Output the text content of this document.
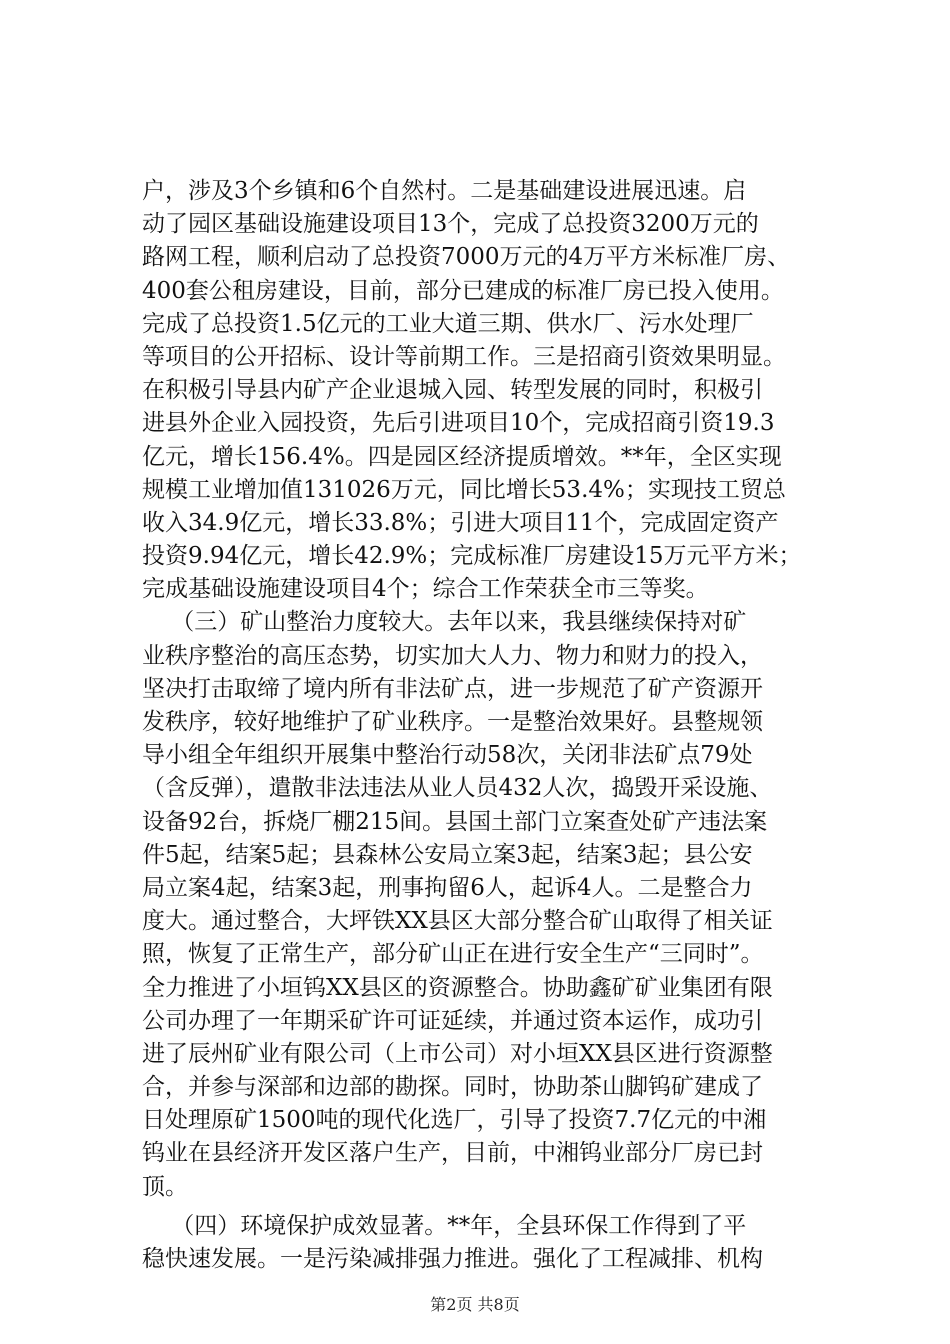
户，涉及3个乡镇和6个自然村。二是基础建设进展迅速。启
动了园区基础设施建设项目13个，完成了总投资3200万元的
路网工程，顺利启动了总投资7000万元的4万平方米标准厂房、
400套公租房建设，目前，部分已建成的标准厂房已投入使用。
完成了总投资1.5亿元的工业大道三期、供水厂、污水处理厂
等项目的公开招标、设计等前期工作。三是招商引资效果明显。
在积极引导县内矿产企业退城入园、转型发展的同时，积极引
进县外企业入园投资，先后引进项目10个，完成招商引资19.3
亿元，增长156.4%。四是园区经济提质增效。**年，全区实现
规模工业增加值131026万元，同比增长53.4%；实现技工贸总
收入34.9亿元，增长33.8%；引进大项目11个，完成固定资产
投资9.94亿元，增长42.9%；完成标准厂房建设15万元平方米；
完成基础设施建设项目4个；综合工作荣获全市三等奖。
（三）矿山整治力度较大。去年以来，我县继续保持对矿
业秩序整治的高压态势，切实加大人力、物力和财力的投入，
坚决打击取缔了境内所有非法矿点，进一步规范了矿产资源开
发秩序，较好地维护了矿业秩序。一是整治效果好。县整规领
导小组全年组织开展集中整治行动58次，关闭非法矿点79处
（含反弹），遣散非法违法从业人员432人次，捣毁开采设施、
设备92台，拆烧厂棚215间。县国土部门立案查处矿产违法案
件5起，结案5起；县森林公安局立案3起，结案3起；县公安
局立案4起，结案3起，刑事拘留6人，起诉4人。二是整合力
度大。通过整合，大坪铁XX县区大部分整合矿山取得了相关证
照，恢复了正常生产，部分矿山正在进行安全生产“三同时”。
全力推进了小垣钨XX县区的资源整合。协助鑫矿矿业集团有限
公司办理了一年期采矿许可证延续，并通过资本运作，成功引
进了辰州矿业有限公司（上市公司）对小垣XX县区进行资源整
合，并参与深部和边部的勘探。同时，协助茶山脚钨矿建成了
日处理原矿1500吨的现代化选厂，引导了投资7.7亿元的中湘
钨业在县经济开发区落户生产，目前，中湘钨业部分厂房已封
顶。
（四）环境保护成效显著。**年，全县环保工作得到了平
稳快速发展。一是污染减排强力推进。强化了工程减排、机构
第2页 共8页
